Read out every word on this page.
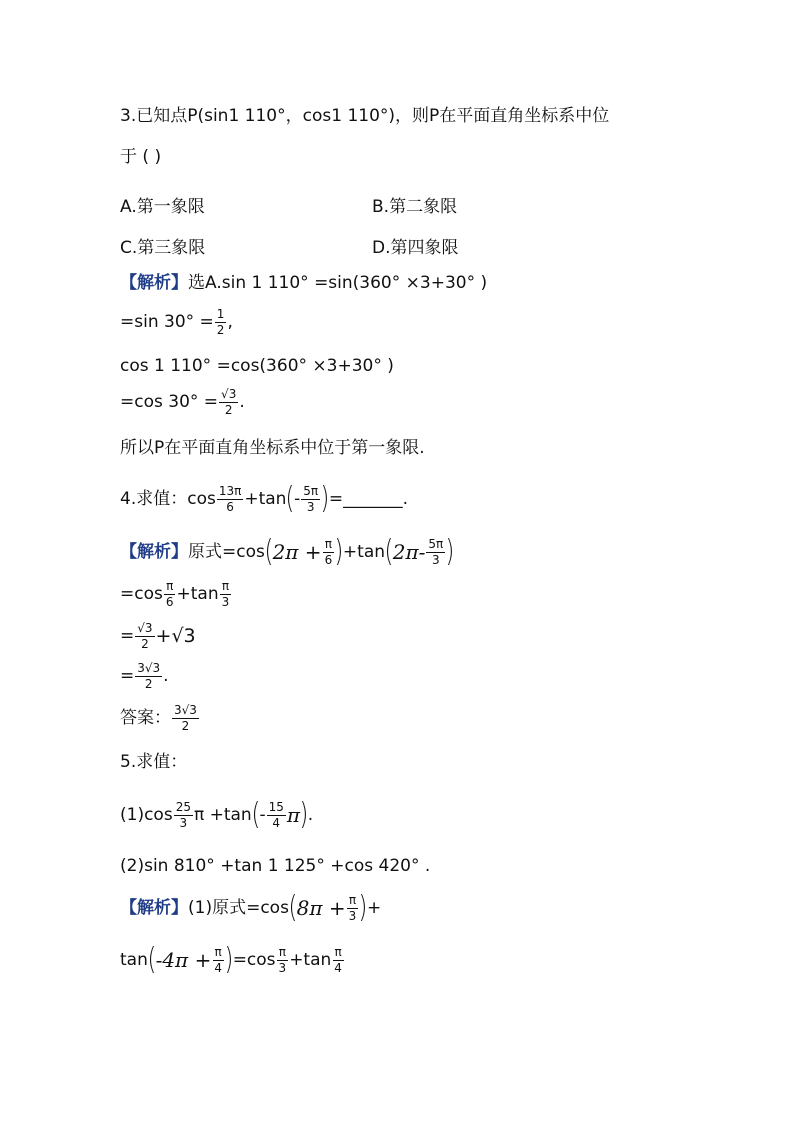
3.已知点P(sin1 110°，cos1 110°)，则P在平面直角坐标系中位
于 ( )
A.第一象限	B.第二象限
C.第三象限	D.第四象限
【解析】选A.sin 1 110° =sin(360° ×3+30° )
=sin $30^\circ = \frac{1}{2}$ ,
cos 1 110° =cos(360° ×3+30° )
=cos $30^\circ = \frac{√3}{2}$ .
所以P在平面直角坐标系中位于第一象限.
4.求值：$\cos \frac{13\pi}{6} +\tan$ ( - $\frac{5\pi}{3}$ ) =_______.
【解析】 原式=cos ( $2\pi + \frac{\pi}{6}$ ) +tan ( $2\pi- \frac{5\pi}{3}$ )
$=\cos \frac{\pi}{6} +\tan \frac{\pi}{3}$
= $\frac{√3}{2} +√3$
= $\frac{3√3}{2}$ .
答案： $\frac{3√3}{2}$
5.求值：
$(1)\cos \frac{25}{3}$ π +tan ( - $\frac{15}{4}$ π ) .
(2)sin 810° +tan 1 125° +cos 420° .
【解析】 (1)原式=cos ( $8\pi + \frac{\pi}{3}$ ) +
tan ( $-4\pi + \frac{\pi}{4}$ ) $=\cos \frac{\pi}{3} +\tan \frac{\pi}{4}$
